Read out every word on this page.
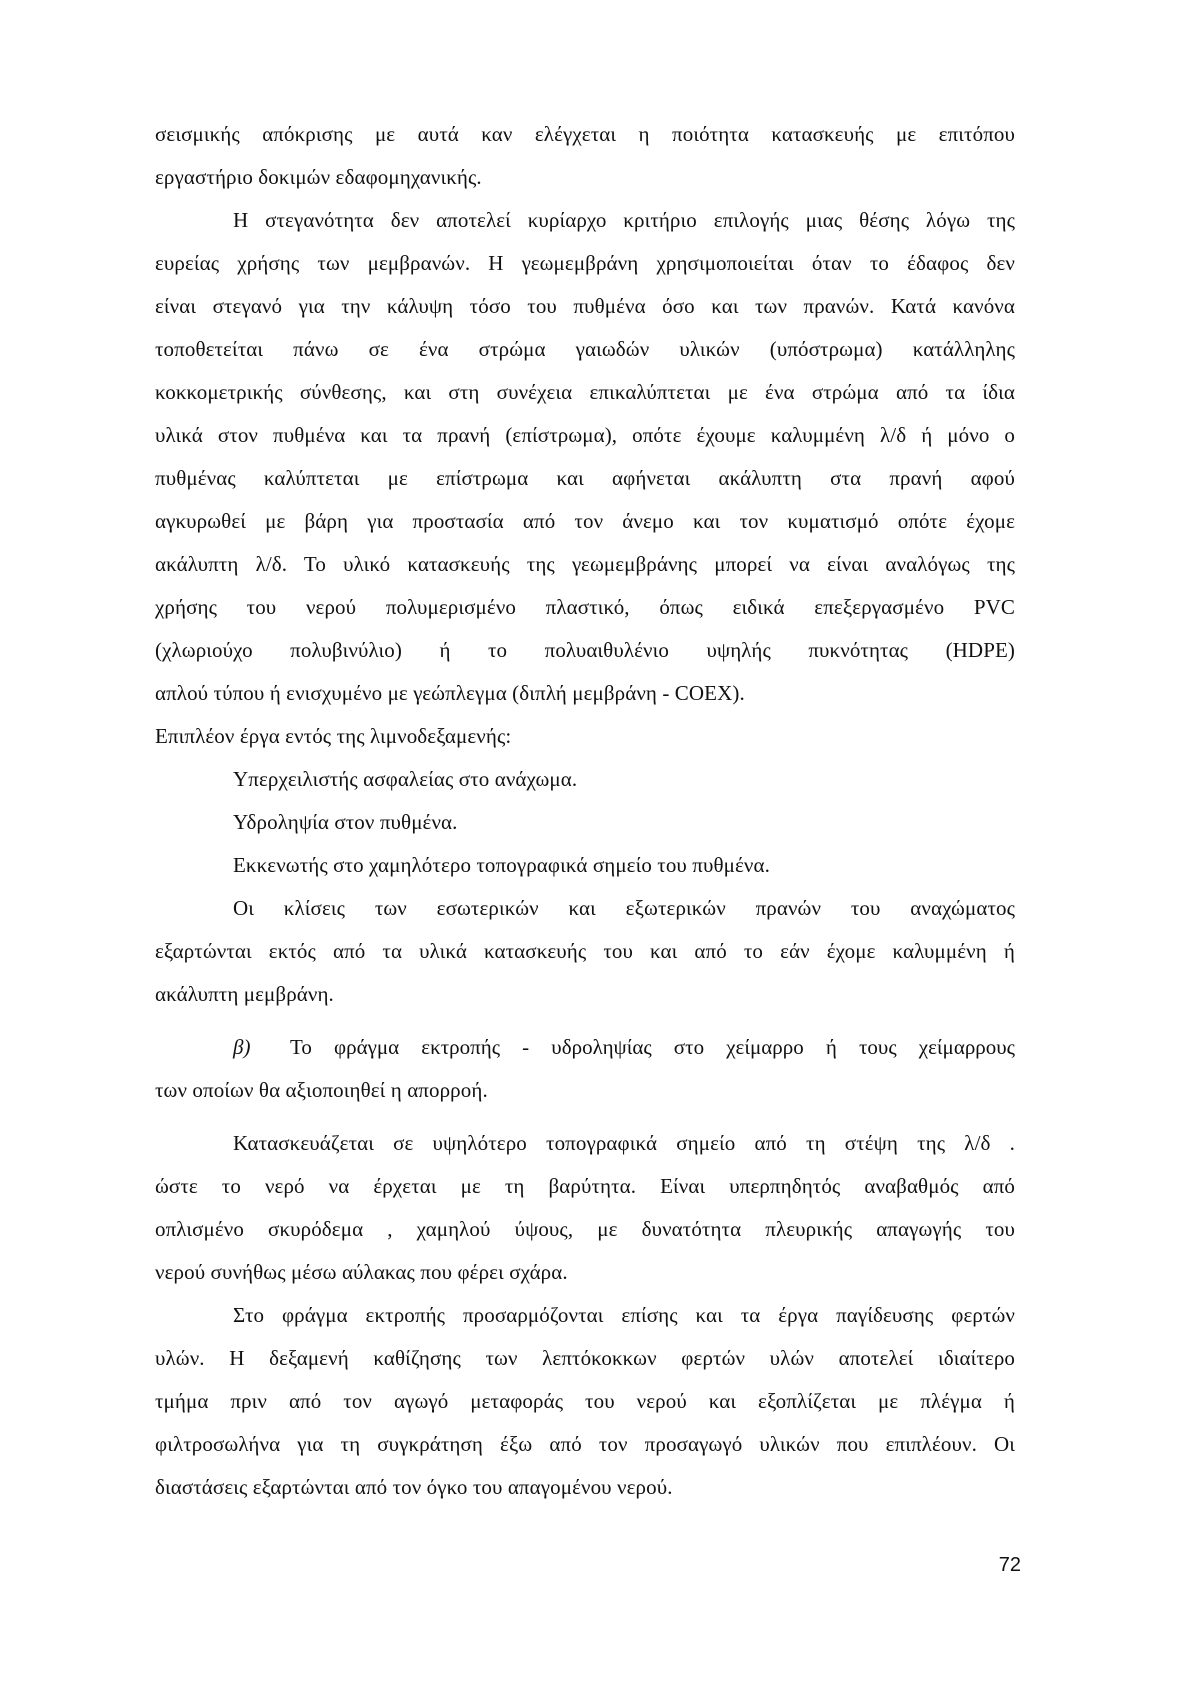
σεισμικής απόκρισης με αυτά καν ελέγχεται η ποιότητα κατασκευής με επιτόπου
εργαστήριο δοκιμών εδαφομηχανικής.
Η στεγανότητα δεν αποτελεί κυρίαρχο κριτήριο επιλογής μιας θέσης λόγω της
ευρείας χρήσης των μεμβρανών. Η γεωμεμβράνη χρησιμοποιείται όταν το έδαφος δεν
είναι στεγανό για την κάλυψη τόσο του πυθμένα όσο και των πρανών. Κατά κανόνα
τοποθετείται πάνω σε ένα στρώμα γαιωδών υλικών (υπόστρωμα) κατάλληλης
κοκκομετρικής σύνθεσης, και στη συνέχεια επικαλύπτεται με ένα στρώμα από τα ίδια
υλικά στον πυθμένα και τα πρανή (επίστρωμα), οπότε έχουμε καλυμμένη λ/δ ή μόνο ο
πυθμένας καλύπτεται με επίστρωμα και αφήνεται ακάλυπτη στα πρανή αφού
αγκυρωθεί με βάρη για προστασία από τον άνεμο και τον κυματισμό οπότε έχομε
ακάλυπτη λ/δ. Το υλικό κατασκευής της γεωμεμβράνης μπορεί να είναι αναλόγως της
χρήσης του νερού πολυμερισμένο πλαστικό, όπως ειδικά επεξεργασμένο PVC
(χλωριούχο πολυβινύλιο) ή το πολυαιθυλένιο υψηλής πυκνότητας (HDPE)
απλού τύπου ή ενισχυμένο με γεώπλεγμα (διπλή μεμβράνη - COEX).
Επιπλέον έργα εντός της λιμνοδεξαμενής:
Υπερχειλιστής ασφαλείας στο ανάχωμα.
Υδροληψία στον πυθμένα.
Εκκενωτής στο χαμηλότερο τοπογραφικά σημείο του πυθμένα.
Οι κλίσεις των εσωτερικών και εξωτερικών πρανών του αναχώματος
εξαρτώνται εκτός από τα υλικά κατασκευής του και από το εάν έχομε καλυμμένη ή
ακάλυπτη μεμβράνη.
β) Το φράγμα εκτροπής - υδροληψίας στο χείμαρρο ή τους χείμαρρους
των οποίων θα αξιοποιηθεί η απορροή.
Κατασκευάζεται σε υψηλότερο τοπογραφικά σημείο από τη στέψη της λ/δ .
ώστε το νερό να έρχεται με τη βαρύτητα. Είναι υπερπηδητός αναβαθμός από
οπλισμένο σκυρόδεμα , χαμηλού ύψους, με δυνατότητα πλευρικής απαγωγής του
νερού συνήθως μέσω αύλακας που φέρει σχάρα.
Στο φράγμα εκτροπής προσαρμόζονται επίσης και τα έργα παγίδευσης φερτών
υλών. Η δεξαμενή καθίζησης των λεπτόκοκκων φερτών υλών αποτελεί ιδιαίτερο
τμήμα πριν από τον αγωγό μεταφοράς του νερού και εξοπλίζεται με πλέγμα ή
φιλτροσωλήνα για τη συγκράτηση έξω από τον προσαγωγό υλικών που επιπλέουν. Οι
διαστάσεις εξαρτώνται από τον όγκο του απαγομένου νερού.
72
